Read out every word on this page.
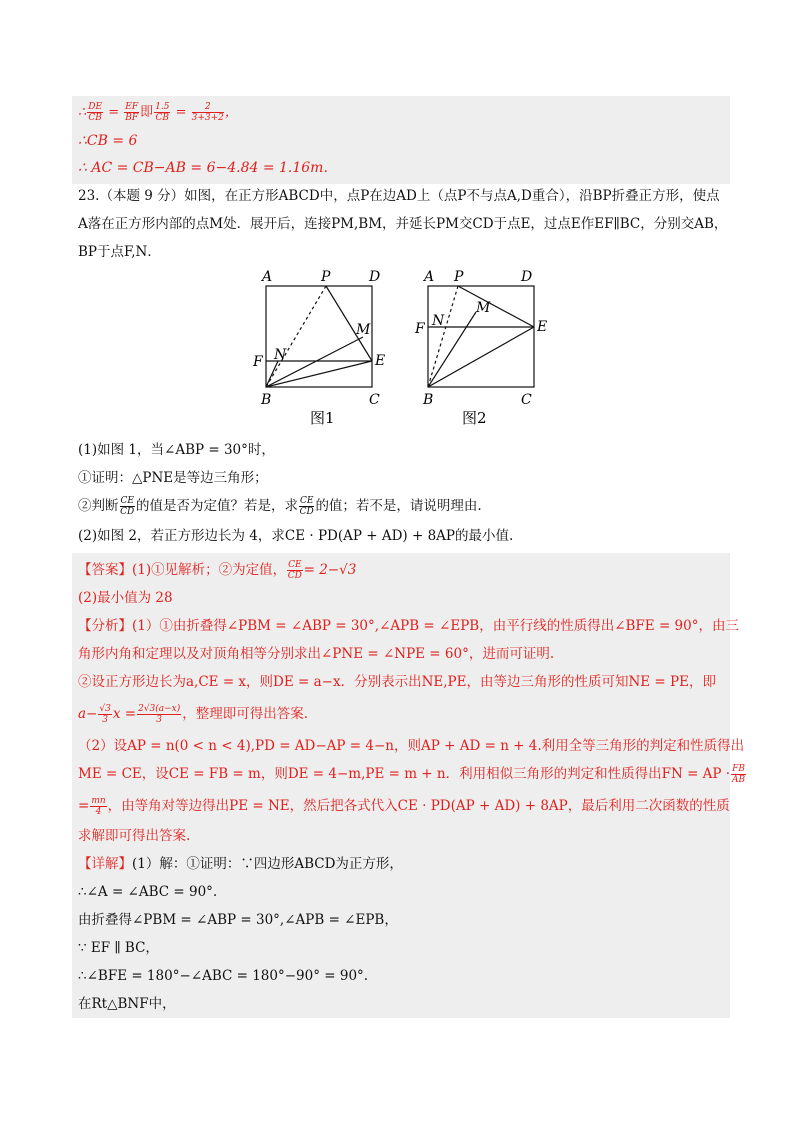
∴ $\frac{DE}{CB} = \frac{EF}{BF}$ 即 $\frac{1.5}{CB} = \frac{2}{3+3+2}$ ，
∴CB = 6
∴ AC = CB−AB = 6−4.84 = 1.16m.
23.（本题 9 分）如图，在正方形ABCD中，点P在边AD上（点P不与点A,D重合），沿BP折叠正方形，使点
A落在正方形内部的点M处．展开后，连接PM,BM，并延长PM交CD于点E，过点E作EF∥BC，分别交AB，
BP于点F,N．
A	P	D
M
N
F	E
B	C
图1
A P	D
M
N
F	E
B	C
图2
(1)如图 1，当∠ABP = 30°时，
①证明：△PNE是等边三角形；
②判断 $\frac{CE}{CD}$ 的值是否为定值？若是，求 $\frac{CE}{CD}$ 的值；若不是，请说明理由.
(2)如图 2，若正方形边长为 4，求CE · PD(AP + AD) + 8AP的最小值.
【答案】(1)①见解析；②为定值， $\frac{CE}{CD} = 2-√3$
(2)最小值为 28
【分析】(1）①由折叠得∠PBM = ∠ABP = 30°,∠APB = ∠EPB，由平行线的性质得出∠BFE = 90°，由三
角形内角和定理以及对顶角相等分别求出∠PNE = ∠NPE = 60°，进而可证明.
②设正方形边长为a,CE = x，则DE = a−x．分别表示出NE,PE，由等边三角形的性质可知NE = PE，即
$a- \frac{√3}{3}$ $x = \frac{2√3(a-x)}{3}$ ，整理即可得出答案.
（2）设AP = n(0 < n < 4),PD = AD−AP = 4−n，则AP + AD = n + 4.利用全等三角形的判定和性质得出
ME = CE，设CE = FB = m，则DE = 4−m,PE = m + n．利用相似三角形的判定和性质得出FN = AP · $\frac{FB}{AB}$
= $\frac{mn}{4}$ ，由等角对等边得出PE = NE，然后把各式代入CE · PD(AP + AD) + 8AP，最后利用二次函数的性质
求解即可得出答案.
【详解】(1）解：①证明：∵四边形ABCD为正方形，
∴∠A = ∠ABC = 90°.
由折叠得∠PBM = ∠ABP = 30°,∠APB = ∠EPB，
∵ EF ∥ BC，
∴∠BFE = 180°−∠ABC = 180°−90° = 90°.
在Rt△BNF中，
